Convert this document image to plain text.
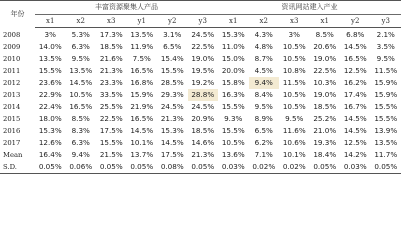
年份	丰富资源聚集人产品						资讯网站建入产业					
	x1	x2	x3	y1	y2	y3	x1	x2	x3	x1	y2	y3
2008	3%	5.3%	17.3%	13.5%	3.1%	24.5%	15.3%	4.3%	3%	8.5%	6.8%	2.1%
2009	14.0%	6.3%	18.5%	11.9%	6.5%	22.5%	11.0%	4.8%	10.5%	20.6%	14.5%	3.5%
2010	13.5%	9.5%	21.6%	7.5%	15.4%	19.0%	15.0%	8.7%	10.5%	19.0%	16.5%	9.5%
2011	15.5%	13.5%	21.3%	16.5%	15.5%	19.5%	20.0%	4.5%	10.8%	22.5%	12.5%	11.5%
2012	23.6%	14.5%	23.3%	16.8%	28.5%	19.2%	15.8%	9.4%	11.5%	10.3%	16.2%	15.9%
2013	22.9%	10.5%	33.5%	15.9%	29.3%	28.8%	16.3%	8.4%	10.5%	19.0%	17.4%	15.9%
2014	22.4%	16.5%	25.5%	21.9%	24.5%	24.5%	15.5%	9.5%	10.5%	18.5%	16.7%	15.5%
2015	18.0%	8.5%	22.5%	16.5%	21.3%	20.9%	9.3%	8.9%	9.5%	25.2%	14.5%	15.5%
2016	15.3%	8.3%	17.5%	14.5%	15.3%	18.5%	15.5%	6.5%	11.6%	21.0%	14.5%	13.9%
2017	12.6%	6.3%	15.5%	10.1%	14.5%	14.6%	10.5%	6.2%	10.6%	19.3%	12.5%	13.5%
Mean	16.4%	9.4%	21.5%	13.7%	17.5%	21.3%	13.6%	7.1%	10.1%	18.4%	14.2%	11.7%
S.D.	0.05%	0.06%	0.05%	0.05%	0.08%	0.05%	0.03%	0.02%	0.02%	0.05%	0.03%	0.05%
